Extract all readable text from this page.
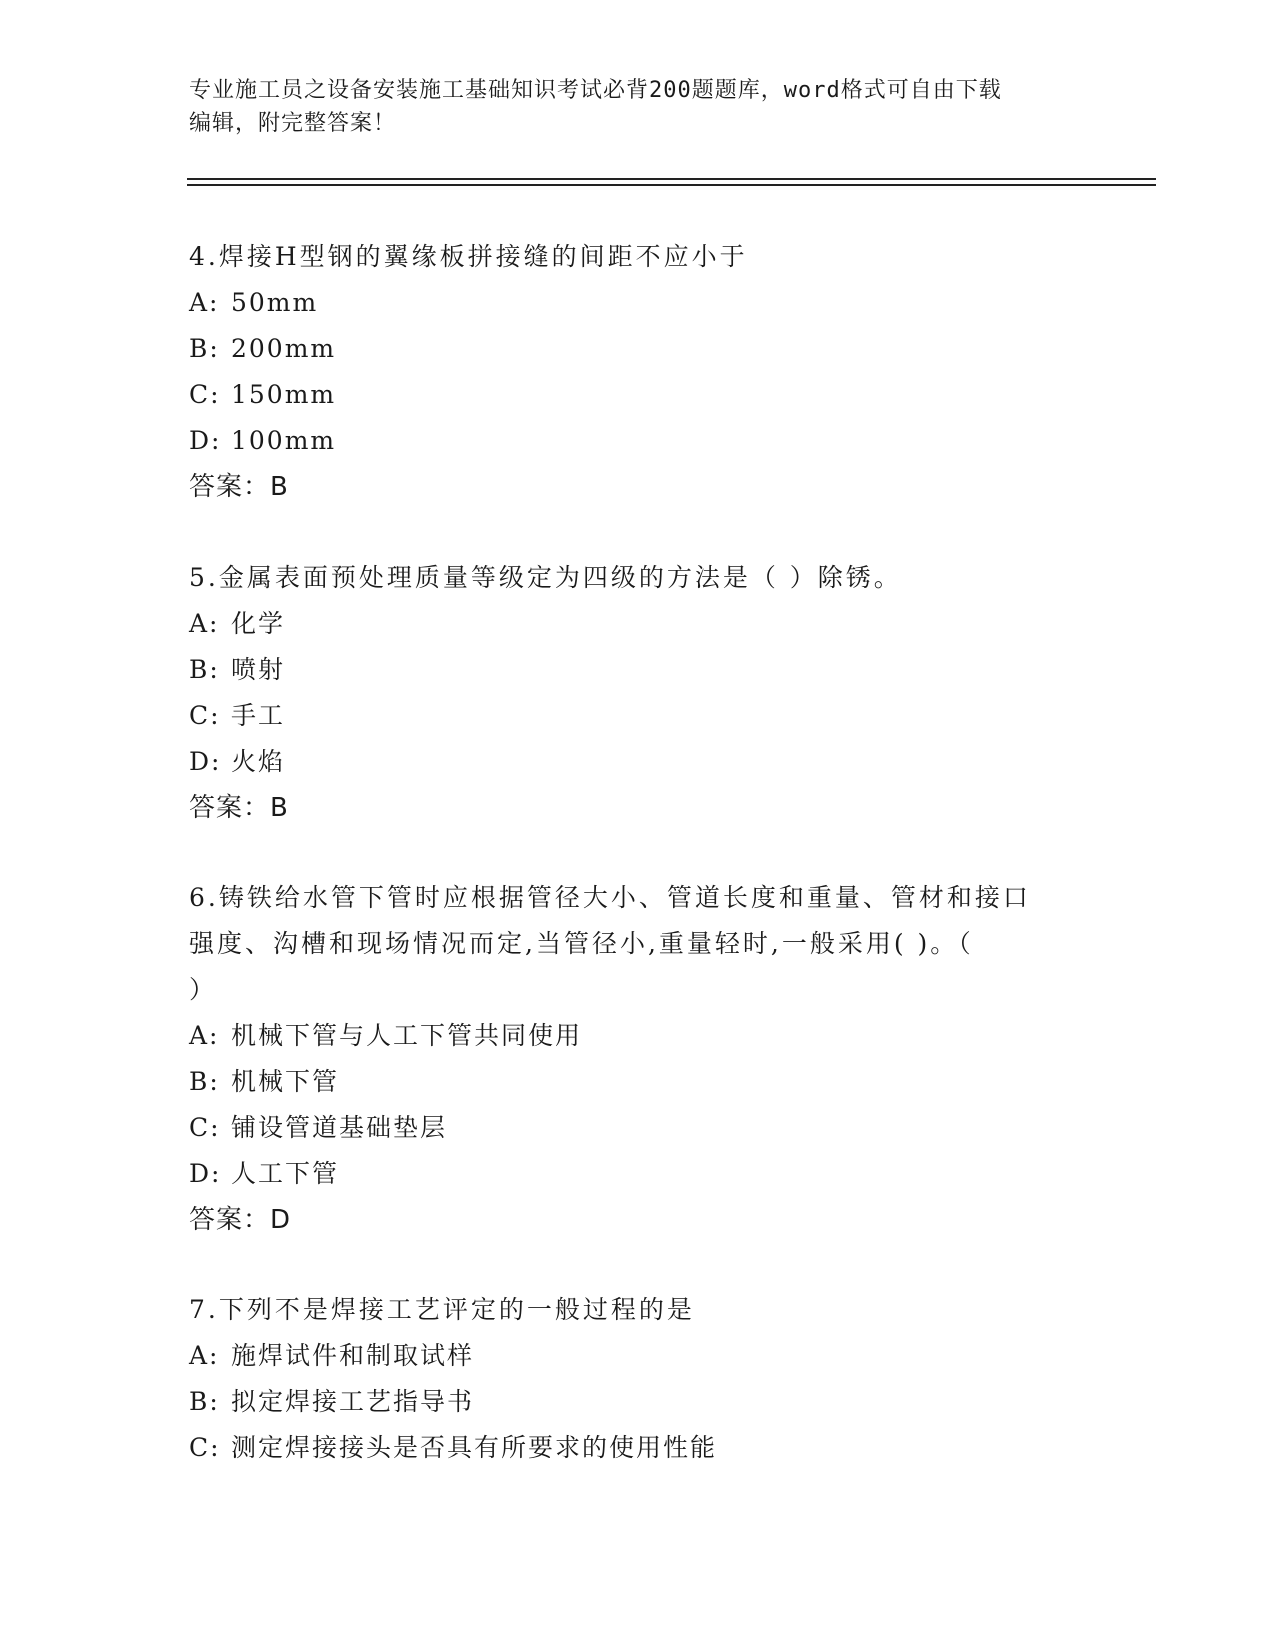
专业施工员之设备安装施工基础知识考试必背200题题库，word格式可自由下载
编辑，附完整答案！

4.焊接H型钢的翼缘板拼接缝的间距不应小于

A: 50mm

B: 200mm

C: 150mm

D: 100mm

答案：B

5.金属表面预处理质量等级定为四级的方法是（ ）除锈。

A: 化学

B: 喷射

C: 手工

D: 火焰

答案：B

6.铸铁给水管下管时应根据管径大小、管道长度和重量、管材和接口

强度、沟槽和现场情况而定,当管径小,重量轻时,一般采用( )。（

）

A: 机械下管与人工下管共同使用

B: 机械下管

C: 铺设管道基础垫层

D: 人工下管

答案：D

7.下列不是焊接工艺评定的一般过程的是

A: 施焊试件和制取试样

B: 拟定焊接工艺指导书

C: 测定焊接接头是否具有所要求的使用性能
